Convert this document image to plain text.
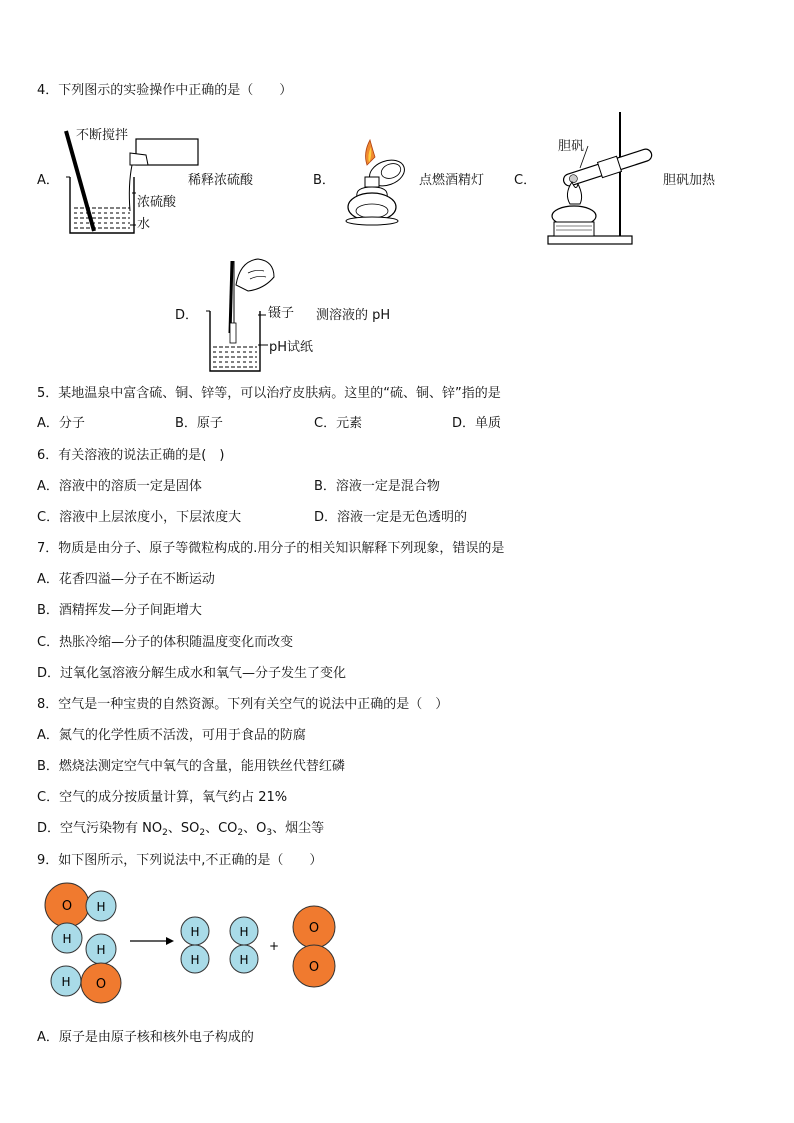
4．下列图示的实验操作中正确的是（　　）
A．
不断搅拌
稀释浓硫酸
浓硫酸
水
B．	点燃酒精灯 C．
胆矾
胆矾加热
D．	镊子 测溶液的 pH
pH试纸
5．某地温泉中富含硫、铜、锌等，可以治疗皮肤病。这里的“硫、铜、锌”指的是
A．分子	B．原子	C．元素	D．单质
6．有关溶液的说法正确的是(　)
A．溶液中的溶质一定是固体	B．溶液一定是混合物
C．溶液中上层浓度小，下层浓度大	D．溶液一定是无色透明的
7．物质是由分子、原子等微粒构成的.用分子的相关知识解释下列现象，错误的是
A．花香四溢—分子在不断运动
B．酒精挥发—分子间距增大
C．热胀冷缩—分子的体积随温度变化而改变
D．过氧化氢溶液分解生成水和氧气—分子发生了变化
8．空气是一种宝贵的自然资源。下列有关空气的说法中正确的是（　）
A．氮气的化学性质不活泼，可用于食品的防腐
B．燃烧法测定空气中氧气的含量，能用铁丝代替红磷
C．空气的成分按质量计算，氧气约占 21%
D．空气污染物有 $NO_2$、$SO_2$、$CO_2$、$O_3$、烟尘等
9．如下图所示，下列说法中,不正确的是（　　）
O H
H
H
H O
H
H
H
H
+
O
O
A．原子是由原子核和核外电子构成的
